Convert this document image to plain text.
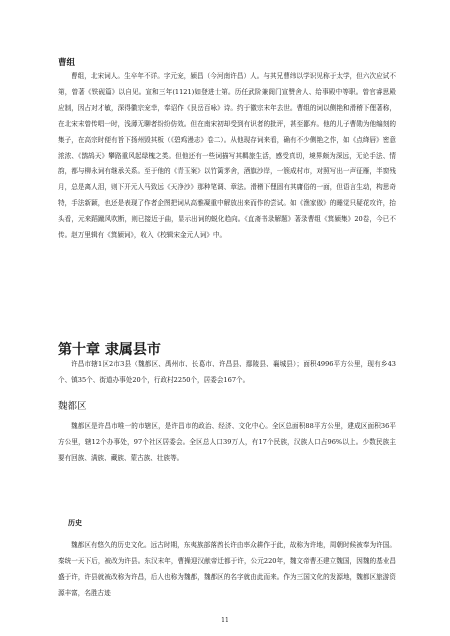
曹组

曹组，北宋词人。生卒年不详。字元宠，颍昌（今河南许昌）人。与其兄曹纬以学识见称于太学，但六次应试不第，曾著《铁砚篇》以自见。宣和三年(1121)如登进士第。历任武阶兼阁门宣赞舍人、给事殿中等职。曾官睿思殿应制，因占对才敏，深得徽宗宠幸，奉诏作《艮岳百咏》诗。约于徽宗末年去世。曹组的词以侧艳和滑稽下俚著称，在北宋末曾传唱一时，浅薄无聊者纷纷仿效。但在南宋初却受到有识者的批评，甚至鄙弃。他的儿子曹勋为他编刻的集子，在高宗时便有旨下扬州毁其板（《碧鸡漫志》卷二）。从他现存词来看，确有不少侧艳之作，如《点绛唇》密意浓浓、《鹊鸪天》攀路重风起绿槐之类。但他还有一些词描写其羁旅生活，感受真切，境界颇为深远，无论手法、情韵，都与柳永词有继承关系。至于他的《青玉案》以竹篱茅舍，酒旗沙岸，一簇成村市，对照写出一声征雁，半窗残月，总是离人泪，则下开元人马致远《天净沙》那种笔调、章法。滑稽下俚固有其庸俗的一面，但语言生动，构思奇特，手法新颖，也还是表现了作者企图把词从高雅凝重中解放出来而作的尝试。如《渔家傲》的睡觉只疑花攻许，抬头看，元来蹈蹴风吹断，则已接近于曲，显示出词的蜕化趋向。《直斋书录解题》著录曹组《箕颍集》20卷，今已不传。赵万里辑有《箕颍词》，收入《校辑宋金元人词》中。

第十章 隶属县市

许昌市辖1区2市3县（魏都区、禹州市、长葛市、许昌县、鄢陵县、襄城县）；面积4996平方公里，现有乡43个、镇35个、街道办事处20个，行政村2250个，居委会167个。

魏都区

魏都区是许昌市唯一的市辖区，是许昌市的政治、经济、文化中心。全区总面积88平方公里，建成区面积36平方公里，辖12个办事处，97个社区居委会。全区总人口39万人，有17个民族，汉族人口占96%以上。少数民族主要有回族、满族、藏族、蒙古族、壮族等。

历史

魏都区有悠久的历史文化。远古时期，东夷族部落酋长许由率众耕作于此，故称为许地，周朝时候被奉为许国。秦统一天下后，被改为许县。东汉末年，曹操迎汉献帝迁都于许，公元220年，魏文帝曹丕建立魏国，因魏的基业昌盛于许，许县就被改称为许昌，后人也称为魏都，魏都区的名字就由此而来。作为三国文化的发源地，魏都区旅游资源丰富，名胜古迹

11
